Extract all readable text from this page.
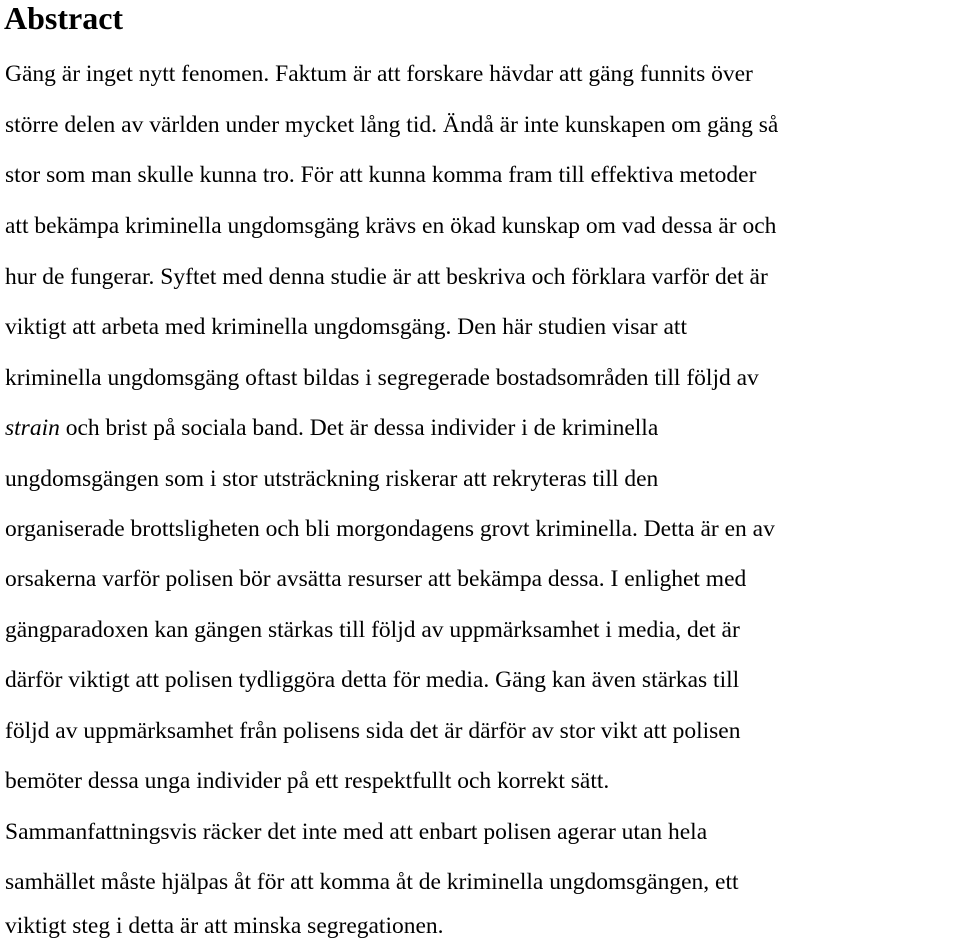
Abstract

Gäng är inget nytt fenomen. Faktum är att forskare hävdar att gäng funnits över

större delen av världen under mycket lång tid. Ändå är inte kunskapen om gäng så

stor som man skulle kunna tro. För att kunna komma fram till effektiva metoder

att bekämpa kriminella ungdomsgäng krävs en ökad kunskap om vad dessa är och

hur de fungerar. Syftet med denna studie är att beskriva och förklara varför det är

viktigt att arbeta med kriminella ungdomsgäng. Den här studien visar att

kriminella ungdomsgäng oftast bildas i segregerade bostadsområden till följd av

strain och brist på sociala band. Det är dessa individer i de kriminella

ungdomsgängen som i stor utsträckning riskerar att rekryteras till den

organiserade brottsligheten och bli morgondagens grovt kriminella. Detta är en av

orsakerna varför polisen bör avsätta resurser att bekämpa dessa. I enlighet med

gängparadoxen kan gängen stärkas till följd av uppmärksamhet i media, det är

därför viktigt att polisen tydliggöra detta för media. Gäng kan även stärkas till

följd av uppmärksamhet från polisens sida det är därför av stor vikt att polisen

bemöter dessa unga individer på ett respektfullt och korrekt sätt.

Sammanfattningsvis räcker det inte med att enbart polisen agerar utan hela

samhället måste hjälpas åt för att komma åt de kriminella ungdomsgängen, ett

viktigt steg i detta är att minska segregationen.
